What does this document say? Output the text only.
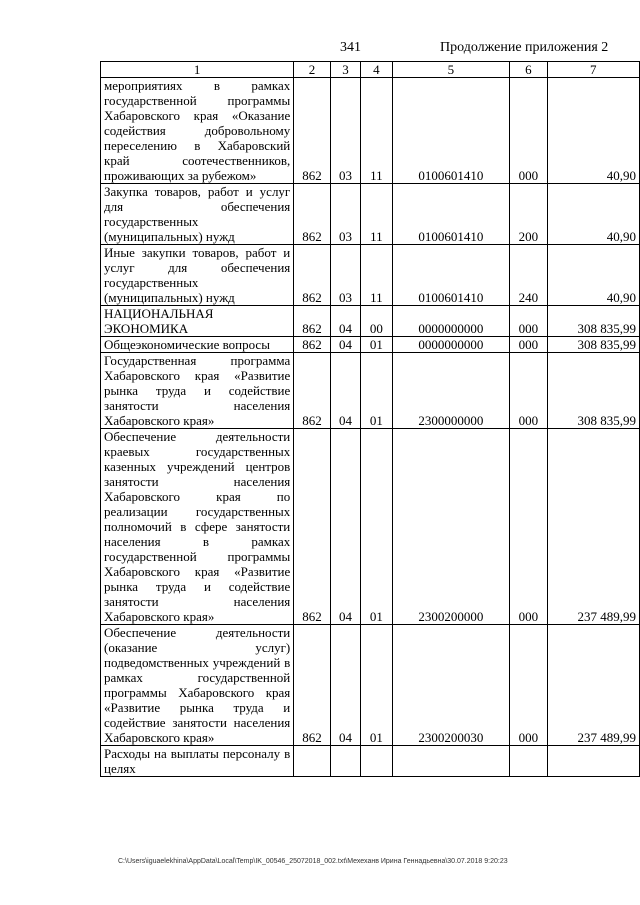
341	Продолжение приложения 2
1	2	3	4	5	6	7

мероприятиях в рамках государственной программы Хабаровского края «Оказание содействия добровольному переселению в Хабаровский край соотечественников,
проживающих за рубежом»	862	03	11	0100601410	000	40,90

Закупка товаров, работ и услуг для обеспечения государственных
(муниципальных) нужд	862	03	11	0100601410	200	40,90

Иные закупки товаров, работ и услуг для обеспечения государственных
(муниципальных) нужд	862	03	11	0100601410	240	40,90

НАЦИОНАЛЬНАЯ
ЭКОНОМИКА	862	04	00	0000000000	000	308 835,99

Общеэкономические вопросы	862	04	01	0000000000	000	308 835,99

Государственная программа Хабаровского края «Развитие рынка труда и содействие занятости населения
Хабаровского края»	862	04	01	2300000000	000	308 835,99

Обеспечение деятельности краевых государственных казенных учреждений центров занятости населения Хабаровского края по реализации государственных полномочий в сфере занятости населения в рамках государственной программы Хабаровского края «Развитие рынка труда и содействие занятости населения
Хабаровского края»	862	04	01	2300200000	000	237 489,99

Обеспечение деятельности (оказание услуг) подведомственных учреждений в рамках государственной программы Хабаровского края «Развитие рынка труда и содействие занятости населения
Хабаровского края»	862	04	01	2300200030	000	237 489,99

Расходы на выплаты персоналу в целях						

C:\Users\iguaelekhina\AppData\Local\Temp\IK_00546_25072018_002.txt\Мехеханв Ирина Геннадьевна\30.07.2018 9:20:23
